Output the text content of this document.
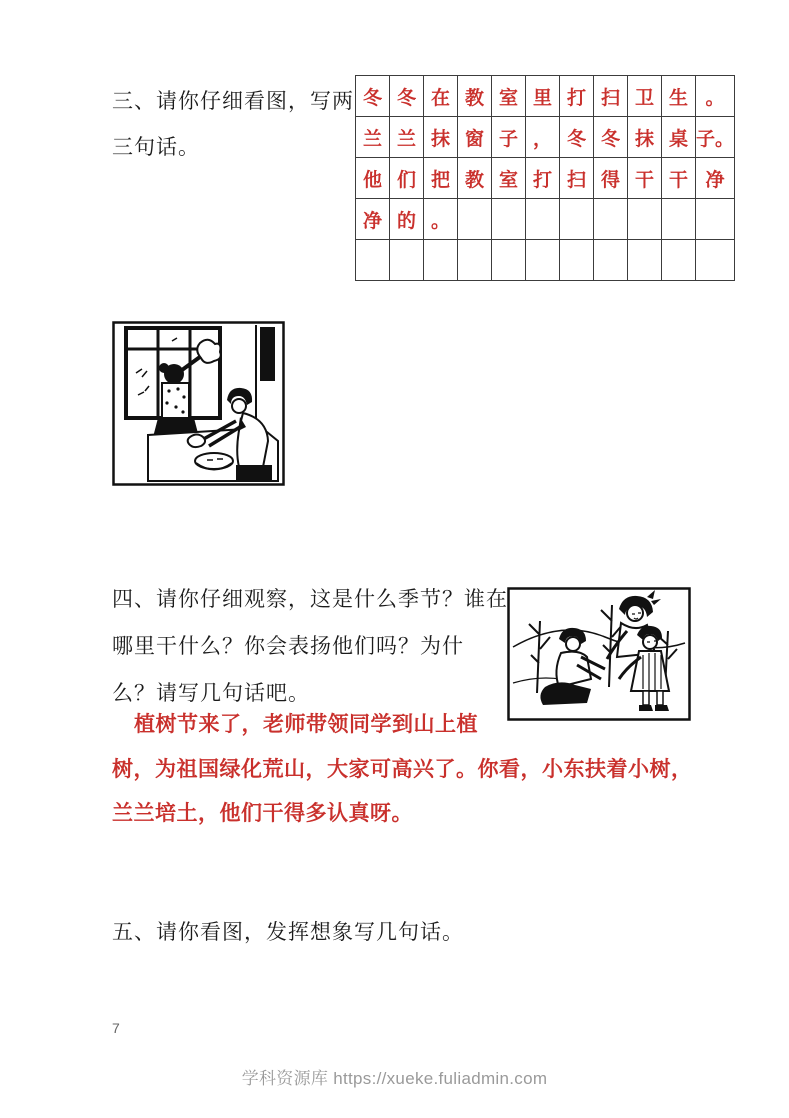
三、请你仔细看图，写两
三句话。
冬	冬	在	教	室	里	打	扫	卫	生	。
兰	兰	抹	窗	子	，	冬	冬	抹	桌	子。
他	们	把	教	室	打	扫	得	干	干	净
净	的	。								

四、请你仔细观察，这是什么季节？谁在
哪里干什么？你会表扬他们吗？为什
么？请写几句话吧。
植树节来了，老师带领同学到山上植
树，为祖国绿化荒山，大家可高兴了。你看，小东扶着小树，
兰兰培土，他们干得多认真呀。
五、请你看图，发挥想象写几句话。
7
学科资源库 https://xueke.fuliadmin.com
